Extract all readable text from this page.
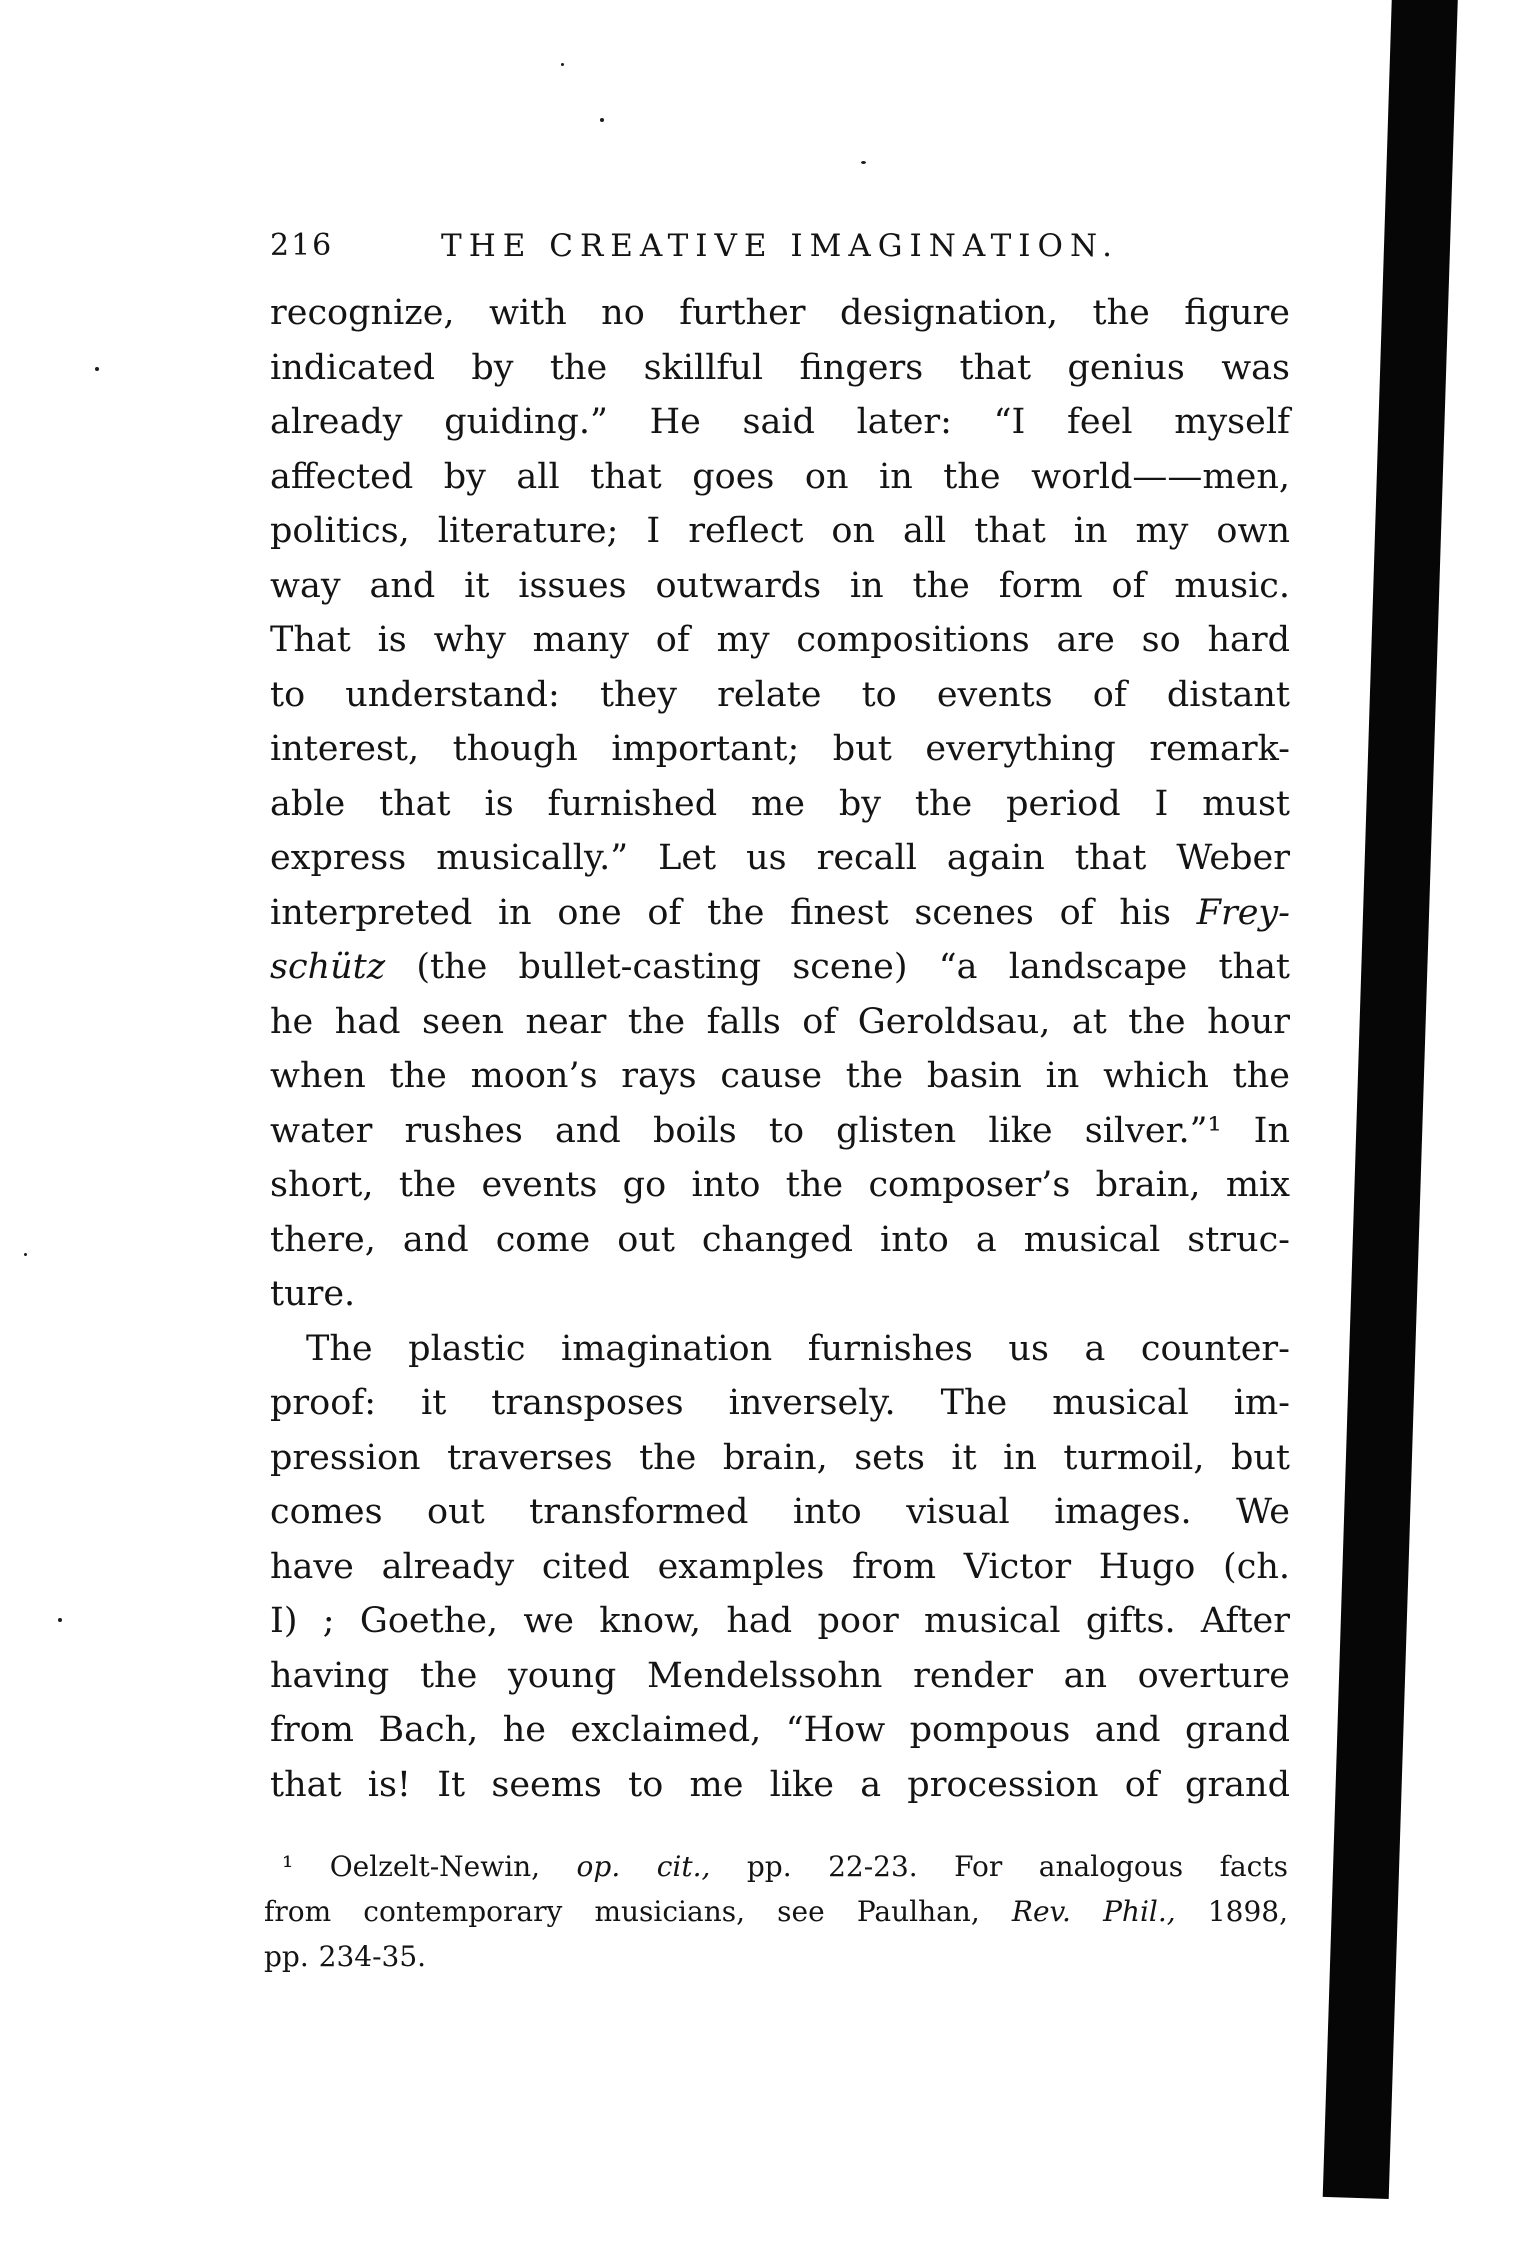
216	THE CREATIVE IMAGINATION.
recognize, with no further designation, the figure
indicated by the skillful fingers that genius was
already guiding.” He said later: “I feel myself
affected by all that goes on in the world——men,
politics, literature; I reflect on all that in my own
way and it issues outwards in the form of music.
That is why many of my compositions are so hard
to understand: they relate to events of distant
interest, though important; but everything remark-
able that is furnished me by the period I must
express musically.” Let us recall again that Weber
interpreted in one of the finest scenes of his Frey-
schütz (the bullet-casting scene) “a landscape that
he had seen near the falls of Geroldsau, at the hour
when the moon’s rays cause the basin in which the
water rushes and boils to glisten like silver.”¹ In
short, the events go into the composer’s brain, mix
there, and come out changed into a musical struc-
ture.
The plastic imagination furnishes us a counter-
proof: it transposes inversely. The musical im-
pression traverses the brain, sets it in turmoil, but
comes out transformed into visual images. We
have already cited examples from Victor Hugo (ch.
I) ; Goethe, we know, had poor musical gifts. After
having the young Mendelssohn render an overture
from Bach, he exclaimed, “How pompous and grand
that is! It seems to me like a procession of grand
¹ Oelzelt-Newin, op. cit., pp. 22-23. For analogous facts
from contemporary musicians, see Paulhan, Rev. Phil., 1898,
pp. 234-35.
